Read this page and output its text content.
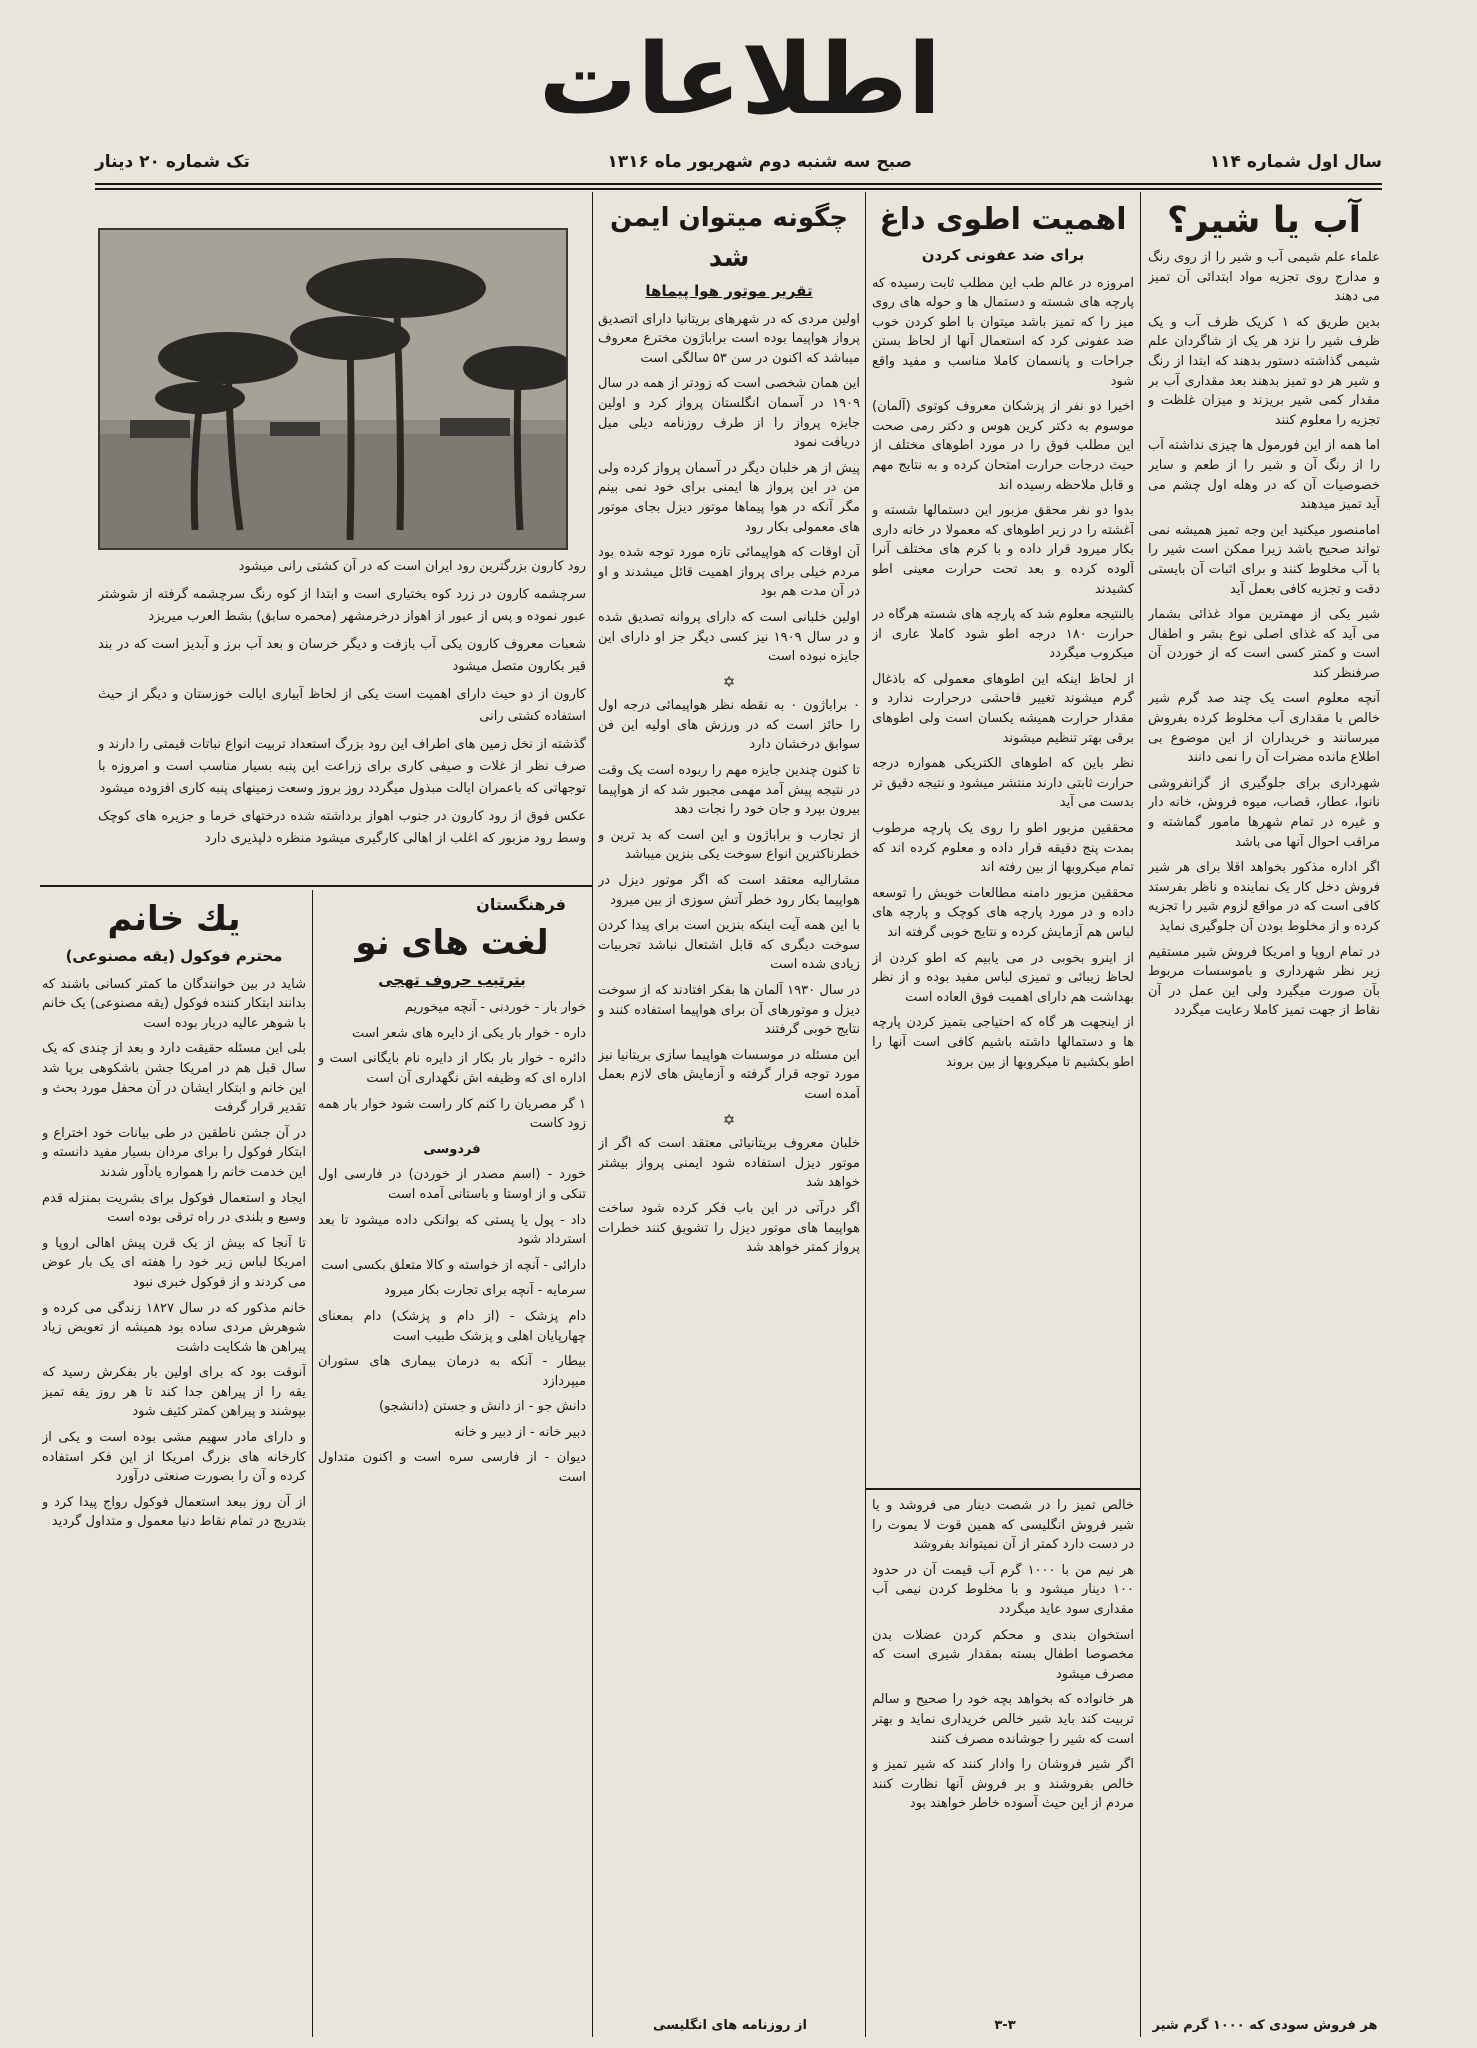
اطلاعات
سال اول شماره ۱۱۴
صبح سه شنبه دوم شهریور ماه ۱۳۱۶
تک شماره ۲۰ دینار
آب یا شیر؟

علماء علم شیمی آب و شیر را از روی رنگ و مدارج روی تجزیه مواد ابتدائی آن تمیز می دهند

بدین طریق که ۱ کریک ظرف آب و یک ظرف شیر را نزد هر یک از شاگردان علم شیمی گذاشته دستور بدهند که ابتدا از رنگ و شیر هر دو تمیز بدهند بعد مقداری آب بر مقدار کمی شیر بریزند و میزان غلظت و تجزیه را معلوم کنند

اما همه از این فورمول ها چیزی نداشته آب را از رنگ آن و شیر را از طعم و سایر خصوصیات آن که در وهله اول چشم می آید تمیز میدهند

امامنصور میکنید این وجه تمیز همیشه نمی تواند صحیح باشد زیرا ممکن است شیر را با آب مخلوط کنند و برای اثبات آن بایستی دقت و تجزیه کافی بعمل آید

شیر یکی از مهمترین مواد غذائی بشمار می آید که غذای اصلی نوع بشر و اطفال است و کمتر کسی است که از خوردن آن صرفنظر کند

آنچه معلوم است یک چند صد گرم شیر خالص با مقداری آب مخلوط کرده بفروش میرسانند و خریداران از این موضوع بی اطلاع مانده مضرات آن را نمی دانند

شهرداری برای جلوگیری از گرانفروشی نانوا، عطار، قصاب، میوه فروش، خانه دار و غیره در تمام شهرها مامور گماشته و مراقب احوال آنها می باشد

اگر اداره مذکور بخواهد اقلا برای هر شیر فروش دخل کار یک نماینده و ناظر بفرستد کافی است که در مواقع لزوم شیر را تجزیه کرده و از مخلوط بودن آن جلوگیری نماید

در تمام اروپا و امریکا فروش شیر مستقیم زیر نظر شهرداری و باموسسات مربوط بآن صورت میگیرد ولی این عمل در آن نقاط از جهت تمیز کاملا رعایت میگردد

هر فروش سودی که ۱۰۰۰ گرم شیر
اهمیت اطوی داغ
برای ضد عفونی کردن

امروزه در عالم طب این مطلب ثابت رسیده که پارچه های شسته و دستمال ها و حوله های روی میز را که تمیز باشد میتوان با اطو کردن خوب ضد عفونی کرد که استعمال آنها از لحاظ بستن جراحات و پانسمان کاملا مناسب و مفید واقع شود

اخیرا دو نفر از پزشکان معروف کوتوی (آلمان) موسوم به دکتر کرین هوس و دکتر رمی صحت این مطلب فوق را در مورد اطوهای مختلف از حیث درجات حرارت امتحان کرده و به نتایج مهم و قابل ملاحظه رسیده اند

بدوا دو نفر محقق مزبور این دستمالها شسته و آغشته را در زیر اطوهای که معمولا در خانه داری بکار میرود قرار داده و با کرم های مختلف آنرا آلوده کرده و بعد تحت حرارت معینی اطو کشیدند

بالنتیجه معلوم شد که پارچه های شسته هرگاه در حرارت ۱۸۰ درجه اطو شود کاملا عاری از میکروب میگردد

از لحاظ اینکه این اطوهای معمولی که باذغال گرم میشوند تغییر فاحشی درحرارت ندارد و مقدار حرارت همیشه یکسان است ولی اطوهای برقی بهتر تنظیم میشوند

نظر باین که اطوهای الکتریکی همواره درجه حرارت ثابتی دارند منتشر میشود و نتیجه دقیق تر بدست می آید

محققین مزبور اطو را روی یک پارچه مرطوب بمدت پنج دقیقه قرار داده و معلوم کرده اند که تمام میکروبها از بین رفته اند

محققین مزبور دامنه مطالعات خویش را توسعه داده و در مورد پارچه های کوچک و پارچه های لباس هم آزمایش کرده و نتایج خوبی گرفته اند

از اینرو بخوبی در می یابیم که اطو کردن از لحاظ زیبائی و تمیزی لباس مفید بوده و از نظر بهداشت هم دارای اهمیت فوق العاده است

از اینجهت هر گاه که احتیاجی بتمیز کردن پارچه ها و دستمالها داشته باشیم کافی است آنها را اطو بکشیم تا میکروبها از بین بروند

خالص تمیز را در شصت دینار می فروشد و یا شیر فروش انگلیسی که همین قوت لا یموت را در دست دارد کمتر از آن نمیتواند بفروشد

هر نیم من با ۱۰۰۰ گرم آب قیمت آن در حدود ۱۰۰ دینار میشود و با مخلوط کردن نیمی آب مقداری سود عاید میگردد

استخوان بندی و محکم کردن عضلات بدن مخصوصا اطفال بسته بمقدار شیری است که مصرف میشود

هر خانواده که بخواهد بچه خود را صحیح و سالم تربیت کند باید شیر خالص خریداری نماید و بهتر است که شیر را جوشانده مصرف کنند

اگر شیر فروشان را وادار کنند که شیر تمیز و خالص بفروشند و بر فروش آنها نظارت کنند مردم از این حیث آسوده خاطر خواهند بود

۳-۳
چگونه میتوان ایمن شد
تقریر موتور هوا پیماها

اولین مردی که در شهرهای بریتانیا دارای اتصدیق پرواز هواپیما بوده است براباژون مخترع معروف میباشد که اکنون در سن ۵۳ سالگی است

این همان شخصی است که زودتر از همه در سال ۱۹۰۹ در آسمان انگلستان پرواز کرد و اولین جایزه پرواز را از طرف روزنامه دیلی میل دریافت نمود

پیش از هر خلبان دیگر در آسمان پرواز کرده ولی من در این پرواز ها ایمنی برای خود نمی بینم مگر آنکه در هوا پیماها موتور دیزل بجای موتور های معمولی بکار رود

آن اوقات که هواپیمائی تازه مورد توجه شده بود مردم خیلی برای پرواز اهمیت قائل میشدند و او در آن مدت هم بود

اولین خلبانی است که دارای پروانه تصدیق شده و در سال ۱۹۰۹ نیز کسی دیگر جز او دارای این جایزه نبوده است

✡

۰ براباژون ۰ به نقطه نظر هواپیمائی درجه اول را حائز است که در ورزش های اولیه این فن سوابق درخشان دارد

تا کنون چندین جایزه مهم را ربوده است یک وقت در نتیجه پیش آمد مهمی مجبور شد که از هواپیما بیرون بپرد و جان خود را نجات دهد

از تجارب و براباژون و این است که بد ترین و خطرناکترین انواع سوخت یکی بنزین میباشد

مشاراليه معتقد است که اگر موتور دیزل در هواپیما بکار رود خطر آتش سوزی از بین میرود

با این همه آیت اینکه بنزین است برای پیدا کردن سوخت دیگری که قابل اشتعال نباشد تجربیات زیادی شده است

در سال ۱۹۳۰ آلمان ها بفکر افتادند که از سوخت دیزل و موتورهای آن برای هواپیما استفاده کنند و نتایج خوبی گرفتند

این مسئله در موسسات هواپیما سازی بریتانیا نیز مورد توجه قرار گرفته و آزمایش های لازم بعمل آمده است

✡

خلبان معروف بریتانیائی معتقد است که اگر از موتور دیزل استفاده شود ایمنی پرواز بیشتر خواهد شد

اگر درآتی در این باب فکر کرده شود ساخت هواپیما های موتور دیزل را تشویق کنند خطرات پرواز کمتر خواهد شد

از روزنامه های انگلیسی

رود کارون بزرگترین رود ایران است که در آن کشتی رانی میشود

سرچشمه کارون در زرد کوه بختیاری است و ابتدا از کوه رنگ سرچشمه گرفته از شوشتر عبور نموده و پس از عبور از اهواز درخرمشهر (محمره سابق) بشط العرب میریزد

شعبات معروف کارون یکی آب بازفت و دیگر خرسان و بعد آب برز و آبدیز است که در بند قیر بکارون متصل میشود

کارون از دو حیث دارای اهمیت است یکی از لحاظ آبیاری ایالت خوزستان و دیگر از حیث استفاده کشتی رانی

گذشته از نخل زمین های اطراف این رود بزرگ استعداد تربیت انواع نباتات قیمتی را دارند و صرف نظر از غلات و صیفی کاری برای زراعت این پنبه بسیار مناسب است و امروزه با توجهاتی که باعمران ایالت مبذول میگردد روز بروز وسعت زمینهای پنبه کاری افزوده میشود

عکس فوق از رود کارون در جنوب اهواز برداشته شده درختهای خرما و جزیره های کوچک وسط رود مزبور که اغلب از اهالی کارگیری میشود منظره دلپذیری دارد

فرهنگستان
لغت های نو
بترتیب حروف تهجی

خوار بار - خوردنی - آنچه میخوریم

داره - خوار بار یکی از دایره های شعر است

دائره - خوار بار بکار از دایره نام بایگانی است و اداره ای که وظیفه اش نگهداری آن است

۱ گر مصریان را کنم کار راست شود خوار بار همه زود کاست

فردوسی

خورد - (اسم مصدر از خوردن) در فارسی اول تنکی و از اوستا و باستانی آمده است

داد - پول یا پستی که بوانکی داده میشود تا بعد استرداد شود

دارائی - آنچه از خواسته و کالا متعلق بکسی است

سرمایه - آنچه برای تجارت بکار میرود

دام پزشک - (از دام و پزشک) دام بمعنای چهارپایان اهلی و پزشک طبیب است

بیطار - آنکه به درمان بیماری های ستوران میپردازد

دانش جو - از دانش و جستن (دانشجو)

دبیر خانه - از دبیر و خانه

دیوان - از فارسی سره است و اکنون متداول است

یك خانم
محترم فوکول (یقه مصنوعی)

شاید در بین خوانندگان ما کمتر کسانی باشند که بدانند ابتکار کننده فوکول (یقه مصنوعی) یک خانم با شوهر عالیه دربار بوده است

بلی این مسئله حقیقت دارد و بعد از چندی که یک سال قبل هم در امریکا جشن باشکوهی برپا شد این خانم و ابتکار ایشان در آن محفل مورد بحث و تقدیر قرار گرفت

در آن جشن ناطقین در طی بیانات خود اختراع و ابتکار فوکول را برای مردان بسیار مفید دانسته و این خدمت خانم را همواره یادآور شدند

ایجاد و استعمال فوکول برای بشریت بمنزله قدم وسیع و بلندی در راه ترقی بوده است

تا آنجا که بیش از یک قرن پیش اهالی اروپا و امریکا لباس زیر خود را هفته ای یک بار عوض می کردند و از فوکول خبری نبود

خانم مذکور که در سال ۱۸۲۷ زندگی می کرده و شوهرش مردی ساده بود همیشه از تعویض زیاد پیراهن ها شکایت داشت

آنوقت بود که برای اولین بار بفکرش رسید که یقه را از پیراهن جدا کند تا هر روز یقه تمیز بپوشند و پیراهن کمتر کثیف شود

و دارای مادر سهیم مشی بوده است و یکی از کارخانه های بزرگ امریکا از این فکر استفاده کرده و آن را بصورت صنعتی درآورد

از آن روز ببعد استعمال فوکول رواج پیدا کرد و بتدریج در تمام نقاط دنیا معمول و متداول گردید
